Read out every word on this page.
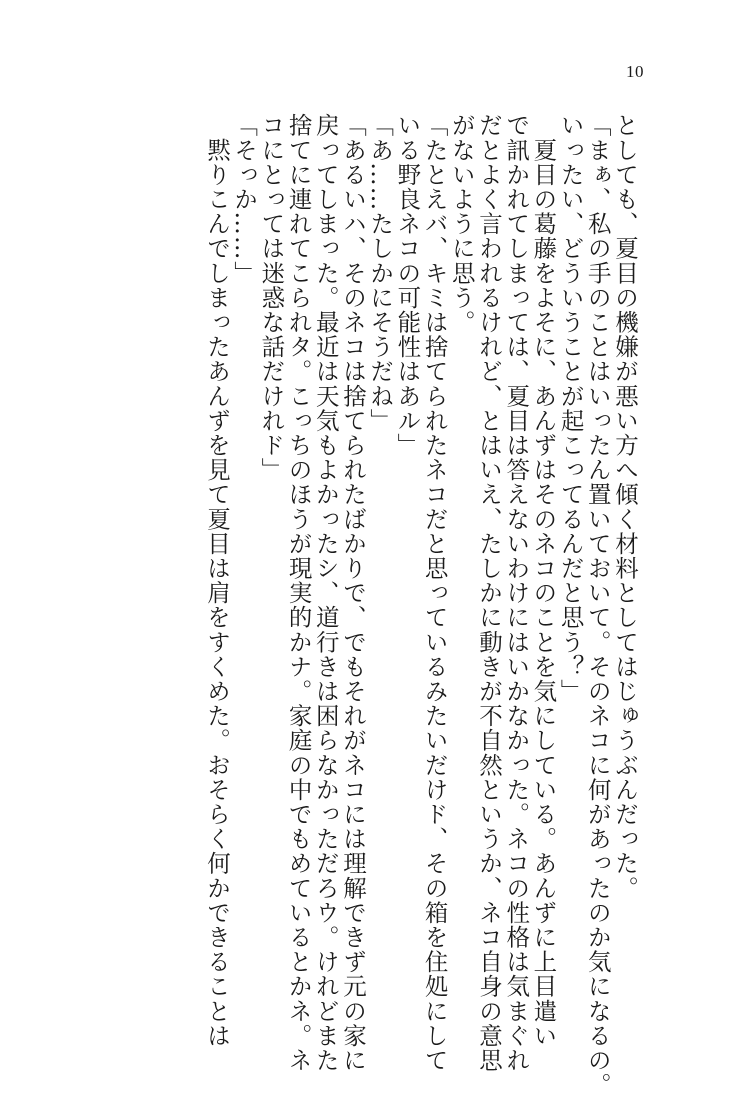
10
としても、夏目の機嫌が悪い方へ傾く材料としてはじゅうぶんだった。
「まぁ、私の手のことはいったん置いておいて。そのネコに何があったのか気になるの。
いったい、どういうことが起こってるんだと思う？」
　夏目の葛藤をよそに、あんずはそのネコのことを気にしている。あんずに上目遣い
で訊かれてしまっては、夏目は答えないわけにはいかなかった。ネコの性格は気まぐれ
だとよく言われるけれど、とはいえ、たしかに動きが不自然というか、ネコ自身の意思
がないように思う。
「たとえバ、キミは捨てられたネコだと思っているみたいだけド、その箱を住処にして
いる野良ネコの可能性はあル」
「あ……たしかにそうだね」
「あるいハ、そのネコは捨てられたばかりで、でもそれがネコには理解できず元の家に
戻ってしまった。最近は天気もよかったシ、道行きは困らなかっただろウ。けれどまた
捨てに連れてこられタ。こっちのほうが現実的かナ。家庭の中でもめているとかネ。ネ
コにとっては迷惑な話だけれド」
「そっか……」
　黙りこんでしまったあんずを見て夏目は肩をすくめた。おそらく何かできることは
